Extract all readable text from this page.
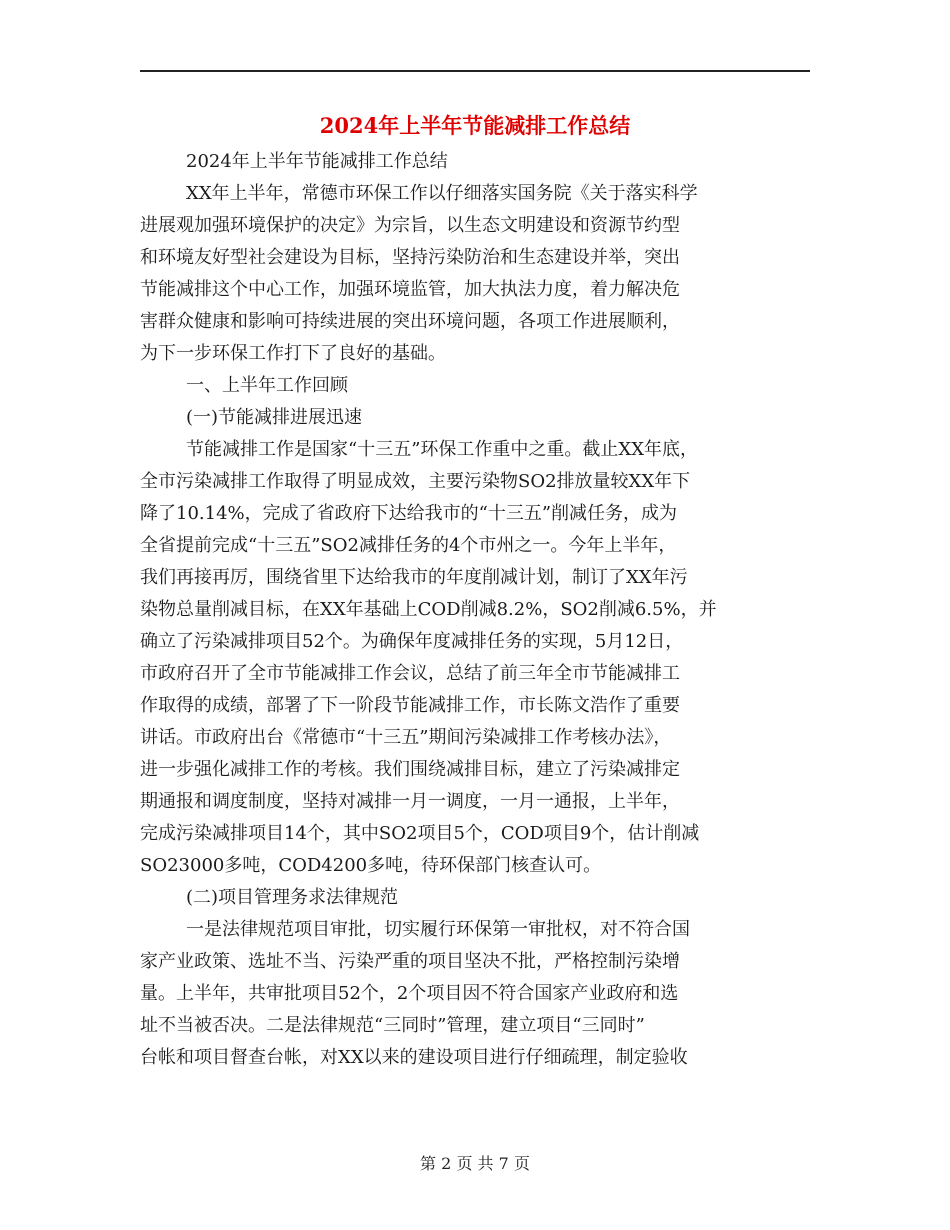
2024年上半年节能减排工作总结
2024年上半年节能减排工作总结
XX年上半年，常德市环保工作以仔细落实国务院《关于落实科学
进展观加强环境保护的决定》为宗旨，以生态文明建设和资源节约型
和环境友好型社会建设为目标，坚持污染防治和生态建设并举，突出
节能减排这个中心工作，加强环境监管，加大执法力度，着力解决危
害群众健康和影响可持续进展的突出环境问题，各项工作进展顺利，
为下一步环保工作打下了良好的基础。
一、上半年工作回顾
(一)节能减排进展迅速
节能减排工作是国家“十三五”环保工作重中之重。截止XX年底，
全市污染减排工作取得了明显成效，主要污染物SO2排放量较XX年下
降了10.14%，完成了省政府下达给我市的“十三五”削减任务，成为
全省提前完成“十三五”SO2减排任务的4个市州之一。今年上半年，
我们再接再厉，围绕省里下达给我市的年度削减计划，制订了XX年污
染物总量削减目标，在XX年基础上COD削减8.2%，SO2削减6.5%，并
确立了污染减排项目52个。为确保年度减排任务的实现，5月12日，
市政府召开了全市节能减排工作会议，总结了前三年全市节能减排工
作取得的成绩，部署了下一阶段节能减排工作，市长陈文浩作了重要
讲话。市政府出台《常德市“十三五”期间污染减排工作考核办法》，
进一步强化减排工作的考核。我们围绕减排目标，建立了污染减排定
期通报和调度制度，坚持对减排一月一调度，一月一通报，上半年，
完成污染减排项目14个，其中SO2项目5个，COD项目9个，估计削减
SO23000多吨，COD4200多吨，待环保部门核查认可。
(二)项目管理务求法律规范
一是法律规范项目审批，切实履行环保第一审批权，对不符合国
家产业政策、选址不当、污染严重的项目坚决不批，严格控制污染增
量。上半年，共审批项目52个，2个项目因不符合国家产业政府和选
址不当被否决。二是法律规范“三同时”管理，建立项目“三同时”
台帐和项目督查台帐，对XX以来的建设项目进行仔细疏理，制定验收
第 2 页 共 7 页
